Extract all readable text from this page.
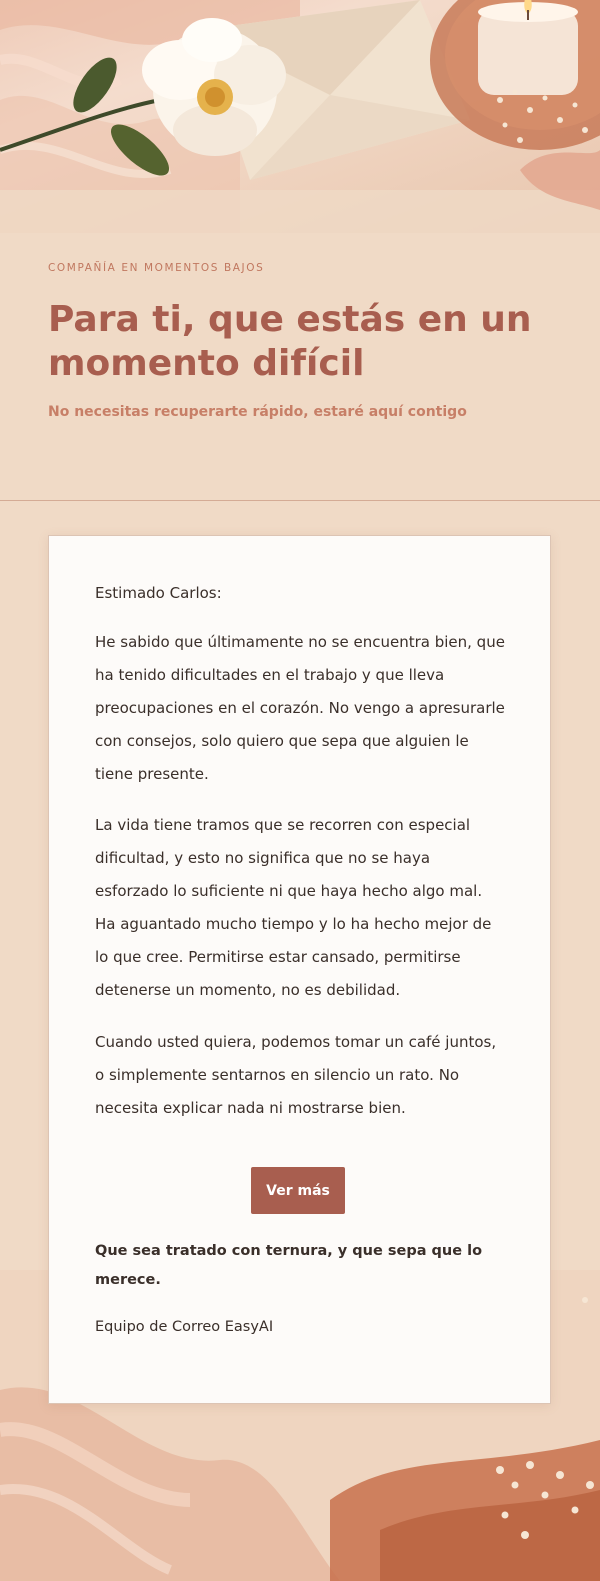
COMPAÑÍA EN MOMENTOS BAJOS
Para ti, que estás en un momento difícil
No necesitas recuperarte rápido, estaré aquí contigo
Estimado Carlos:
He sabido que últimamente no se encuentra bien, que ha tenido dificultades en el trabajo y que lleva preocupaciones en el corazón. No vengo a apresurarle con consejos, solo quiero que sepa que alguien le tiene presente.
La vida tiene tramos que se recorren con especial dificultad, y esto no significa que no se haya esforzado lo suficiente ni que haya hecho algo mal. Ha aguantado mucho tiempo y lo ha hecho mejor de lo que cree. Permitirse estar cansado, permitirse detenerse un momento, no es debilidad.
Cuando usted quiera, podemos tomar un café juntos, o simplemente sentarnos en silencio un rato. No necesita explicar nada ni mostrarse bien.
Ver más
Que sea tratado con ternura, y que sepa que lo merece.
Equipo de Correo EasyAI
